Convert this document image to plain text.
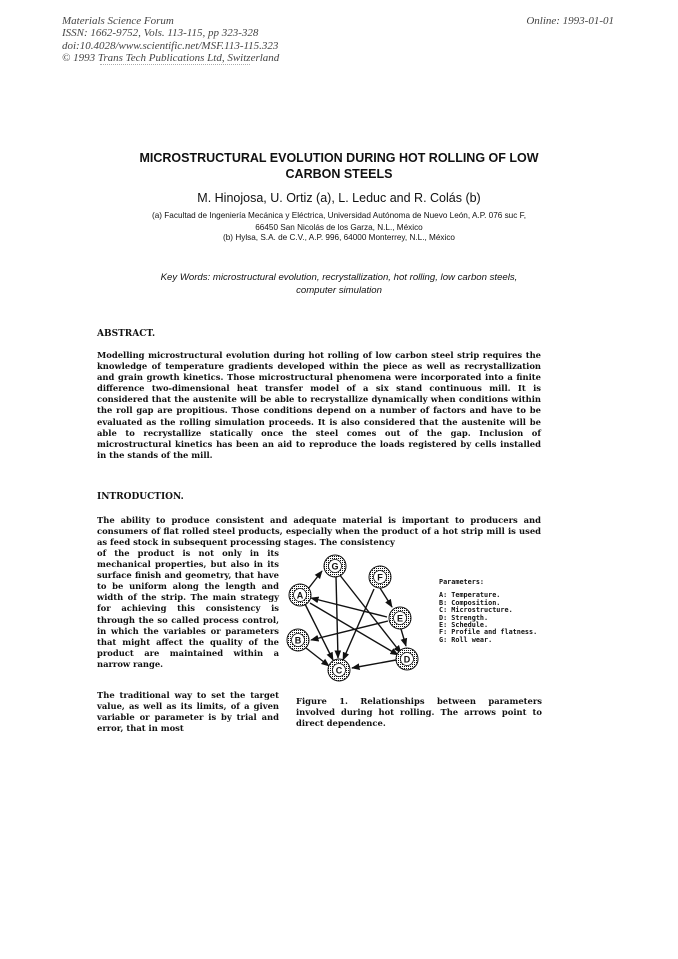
Materials Science Forum
ISSN: 1662-9752, Vols. 113-115, pp 323-328
doi:10.4028/www.scientific.net/MSF.113-115.323
© 1993 Trans Tech Publications Ltd, Switzerland
Online: 1993-01-01
MICROSTRUCTURAL EVOLUTION DURING HOT ROLLING OF LOW
CARBON STEELS
M. Hinojosa, U. Ortiz (a), L. Leduc and R. Colás (b)
(a) Facultad de Ingeniería Mecánica y Eléctrica, Universidad Autónoma de Nuevo León, A.P. 076 suc F,
66450 San Nicolás de los Garza, N.L., México
(b) Hylsa, S.A. de C.V., A.P. 996, 64000 Monterrey, N.L., México
Key Words: microstructural evolution, recrystallization, hot rolling, low carbon steels,
computer simulation
ABSTRACT.

Modelling microstructural evolution during hot rolling of low carbon steel strip requires the knowledge of temperature gradients developed within the piece as well as recrystallization and grain growth kinetics. Those microstructural phenomena were incorporated into a finite difference two-dimensional heat transfer model of a six stand continuous mill. It is considered that the austenite will be able to recrystallize dynamically when conditions within the roll gap are propitious. Those conditions depend on a number of factors and have to be evaluated as the rolling simulation proceeds. It is also considered that the austenite will be able to recrystallize statically once the steel comes out of the gap. Inclusion of microstructural kinetics has been an aid to reproduce the loads registered by cells installed in the stands of the mill.

INTRODUCTION.

The ability to produce consistent and adequate material is important to producers and consumers of flat rolled steel products, especially when the product of a hot strip mill is used as feed stock in subsequent processing stages. The consistency

of the product is not only in its mechanical properties, but also in its surface finish and geometry, that have to be uniform along the length and width of the strip. The main strategy for achieving this consistency is through the so called process control, in which the variables or parameters that might affect the quality of the product are maintained within a narrow range.

The traditional way to set the target value, as well as its limits, of a given variable or parameter is by trial and error, that in most

G
F
A
E
B
D
C
Parameters:
A: Temperature.
B: Composition.
C: Microstructure.
D: Strength.
E: Schedule.
F: Profile and flatness.
G: Roll wear.

Figure 1. Relationships between parameters involved during hot rolling. The arrows point to direct dependence.
